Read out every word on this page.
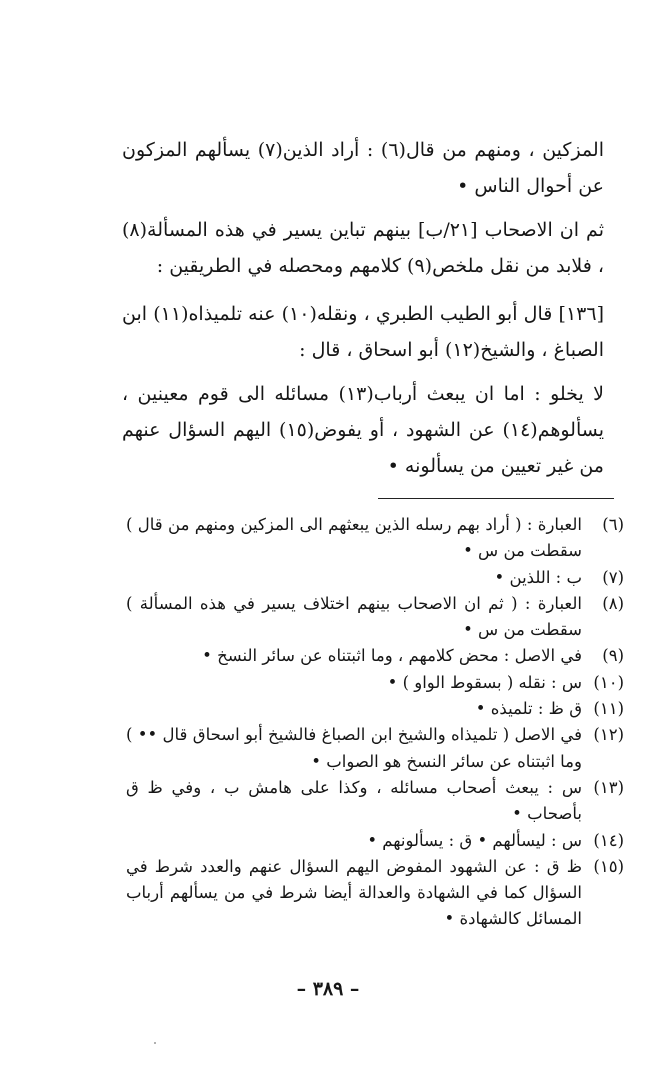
المزكين ، ومنهم من قال(٦) : أراد الذين(٧) يسألهم المزكون عن أحوال الناس •

ثم ان الاصحاب [٢١/ب] بينهم تباين يسير في هذه المسألة(٨) ، فلابد من نقل ملخص(٩) كلامهم ومحصله في الطريقين :

[١٣٦] قال أبو الطيب الطبري ، ونقله(١٠) عنه تلميذاه(١١) ابن الصباغ ، والشيخ(١٢) أبو اسحاق ، قال :

لا يخلو : اما ان يبعث أرباب(١٣) مسائله الى قوم معينين ، يسألوهم(١٤) عن الشهود ، أو يفوض(١٥) اليهم السؤال عنهم من غير تعيين من يسألونه •

(٦)
العبارة : ( أراد بهم رسله الذين يبعثهم الى المزكين ومنهم من قال ) سقطت من س •
(٧)
ب : اللذين •
(٨)
العبارة : ( ثم ان الاصحاب بينهم اختلاف يسير في هذه المسألة ) سقطت من س •
(٩)
في الاصل : محض كلامهم ، وما اثبتناه عن سائر النسخ •
(١٠)
س : نقله ( بسقوط الواو ) •
(١١)
ق ظ : تلميذه •
(١٢)
في الاصل ( تلميذاه والشيخ ابن الصباغ فالشيخ أبو اسحاق قال •• ) وما اثبتناه عن سائر النسخ هو الصواب •
(١٣)
س : يبعث أصحاب مسائله ، وكذا على هامش ب ، وفي ظ ق بأصحاب •
(١٤)
س : ليسألهم • ق : يسألونهم •
(١٥)
ظ ق : عن الشهود المفوض اليهم السؤال عنهم والعدد شرط في السؤال كما في الشهادة والعدالة أيضا شرط في من يسألهم أرباب المسائل كالشهادة •
– ٣٨٩ –
